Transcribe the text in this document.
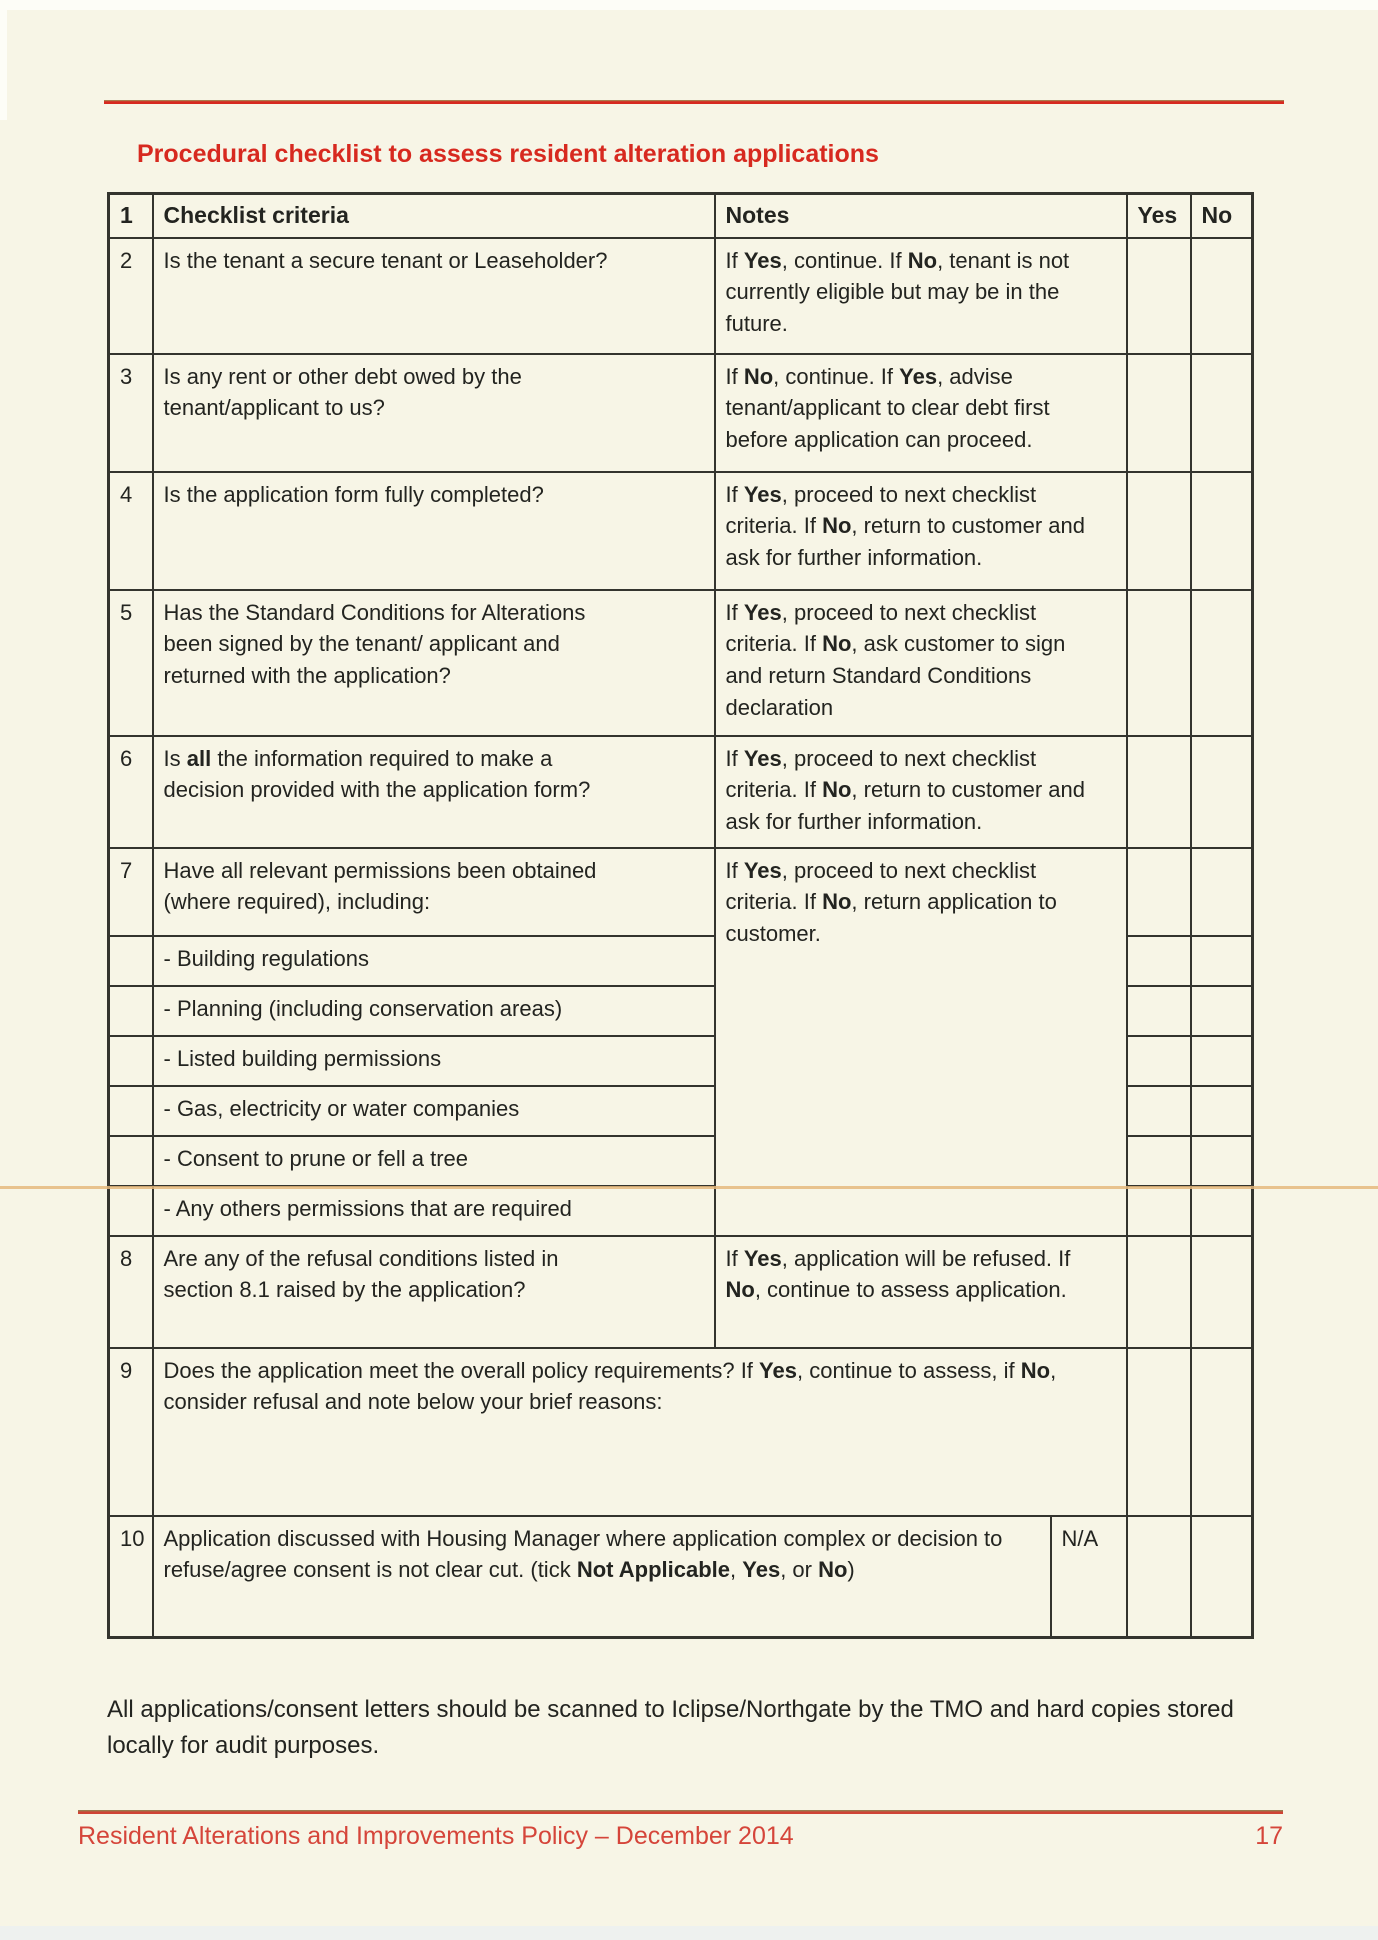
Procedural checklist to assess resident alteration applications
1	Checklist criteria	Notes		Yes	No
2	Is the tenant a secure tenant or Leaseholder?	If Yes, continue. If No, tenant is not currently eligible but may be in the future.			

3	Is any rent or other debt owed by the tenant/applicant to us?	If No, continue. If Yes, advise tenant/applicant to clear debt first before application can proceed.			

4	Is the application form fully completed?	If Yes, proceed to next checklist criteria. If No, return to customer and ask for further information.			

5	Has the Standard Conditions for Alterations been signed by the tenant/ applicant and returned with the application?	If Yes, proceed to next checklist criteria. If No, ask customer to sign and return Standard Conditions declaration			

6	Is all the information required to make a decision provided with the application form?	If Yes, proceed to next checklist criteria. If No, return to customer and ask for further information.			

7	Have all relevant permissions been obtained (where required), including:	If Yes, proceed to next checklist criteria. If No, return application to customer.			

	- Building regulations				

	- Planning (including conservation areas)				

	- Listed building permissions				

	- Gas, electricity or water companies				

	- Consent to prune or fell a tree				

	- Any others permissions that are required				

8	Are any of the refusal conditions listed in section 8.1 raised by the application?	If Yes, application will be refused. If No, continue to assess application.			

9	Does the application meet the overall policy requirements? If Yes, continue to assess, if No, consider refusal and note below your brief reasons:				

10	Application discussed with Housing Manager where application complex or decision to refuse/agree consent is not clear cut. (tick Not Applicable, Yes, or No)		N/A		
All applications/consent letters should be scanned to Iclipse/Northgate by the TMO and hard copies stored locally for audit purposes.
Resident Alterations and Improvements Policy – December 2014	17
